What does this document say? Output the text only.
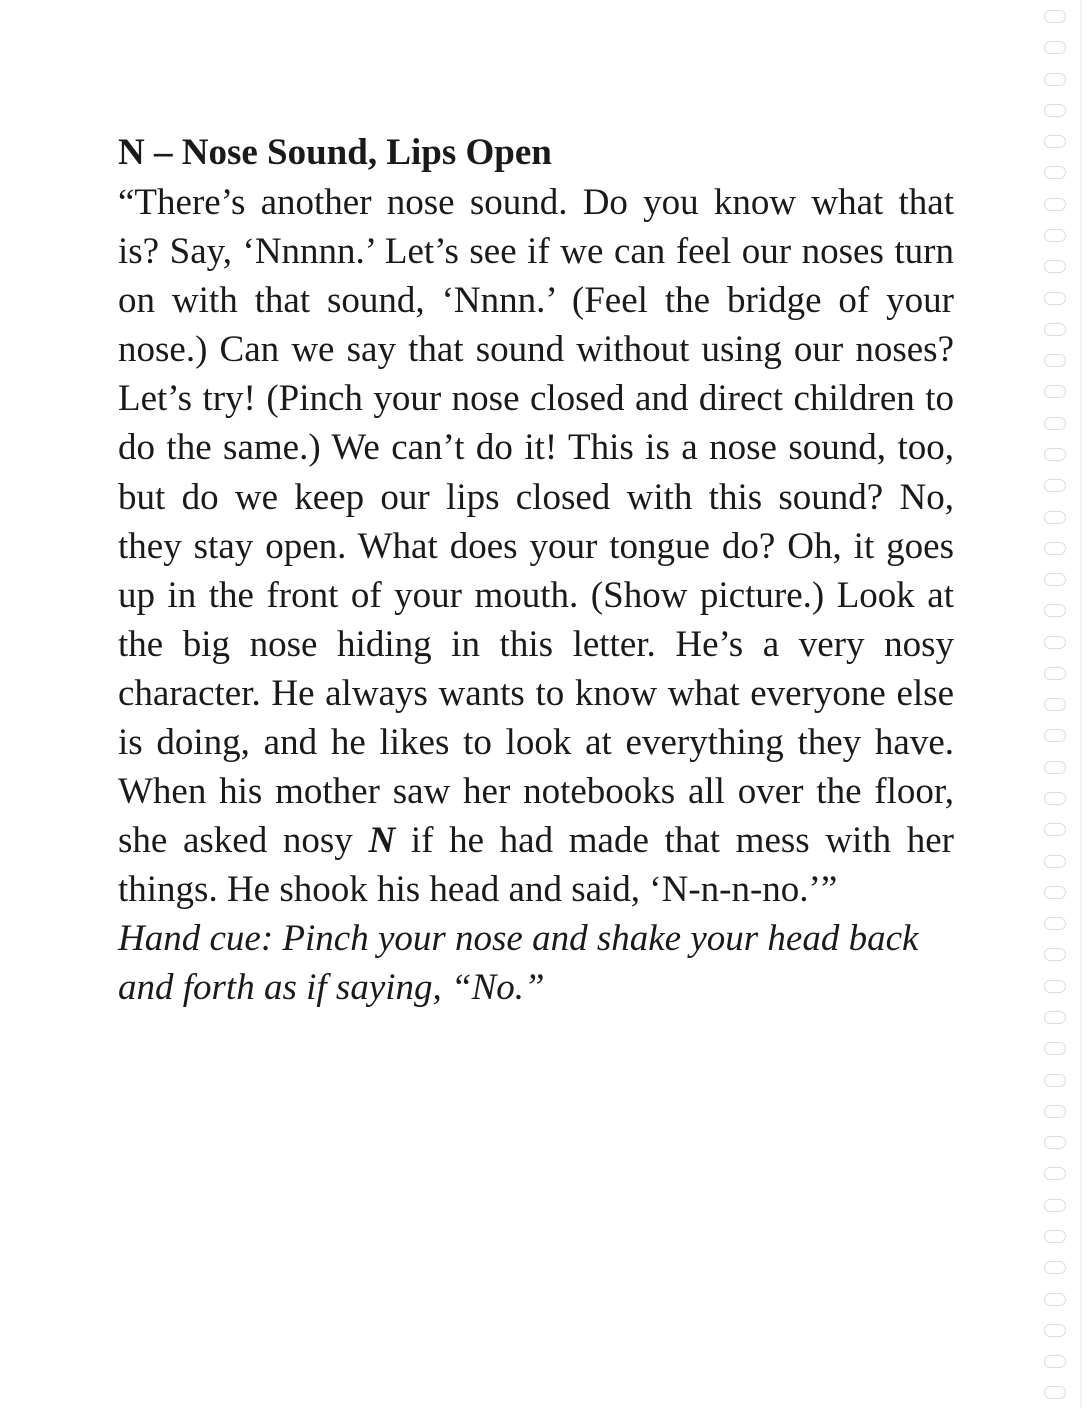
N – Nose Sound, Lips Open

“There’s another nose sound. Do you know what that is? Say, ‘Nnnnn.’ Let’s see if we can feel our noses turn on with that sound, ‘Nnnn.’ (Feel the bridge of your nose.) Can we say that sound without using our noses? Let’s try! (Pinch your nose closed and direct children to do the same.) We can’t do it! This is a nose sound, too, but do we keep our lips closed with this sound? No, they stay open. What does your tongue do? Oh, it goes up in the front of your mouth. (Show picture.) Look at the big nose hiding in this letter. He’s a very nosy character. He always wants to know what everyone else is doing, and he likes to look at everything they have. When his mother saw her notebooks all over the floor, she asked nosy N if he had made that mess with her things. He shook his head and said, ‘N-n-n-no.’”

Hand cue: Pinch your nose and shake your head back and forth as if saying, “No.”
